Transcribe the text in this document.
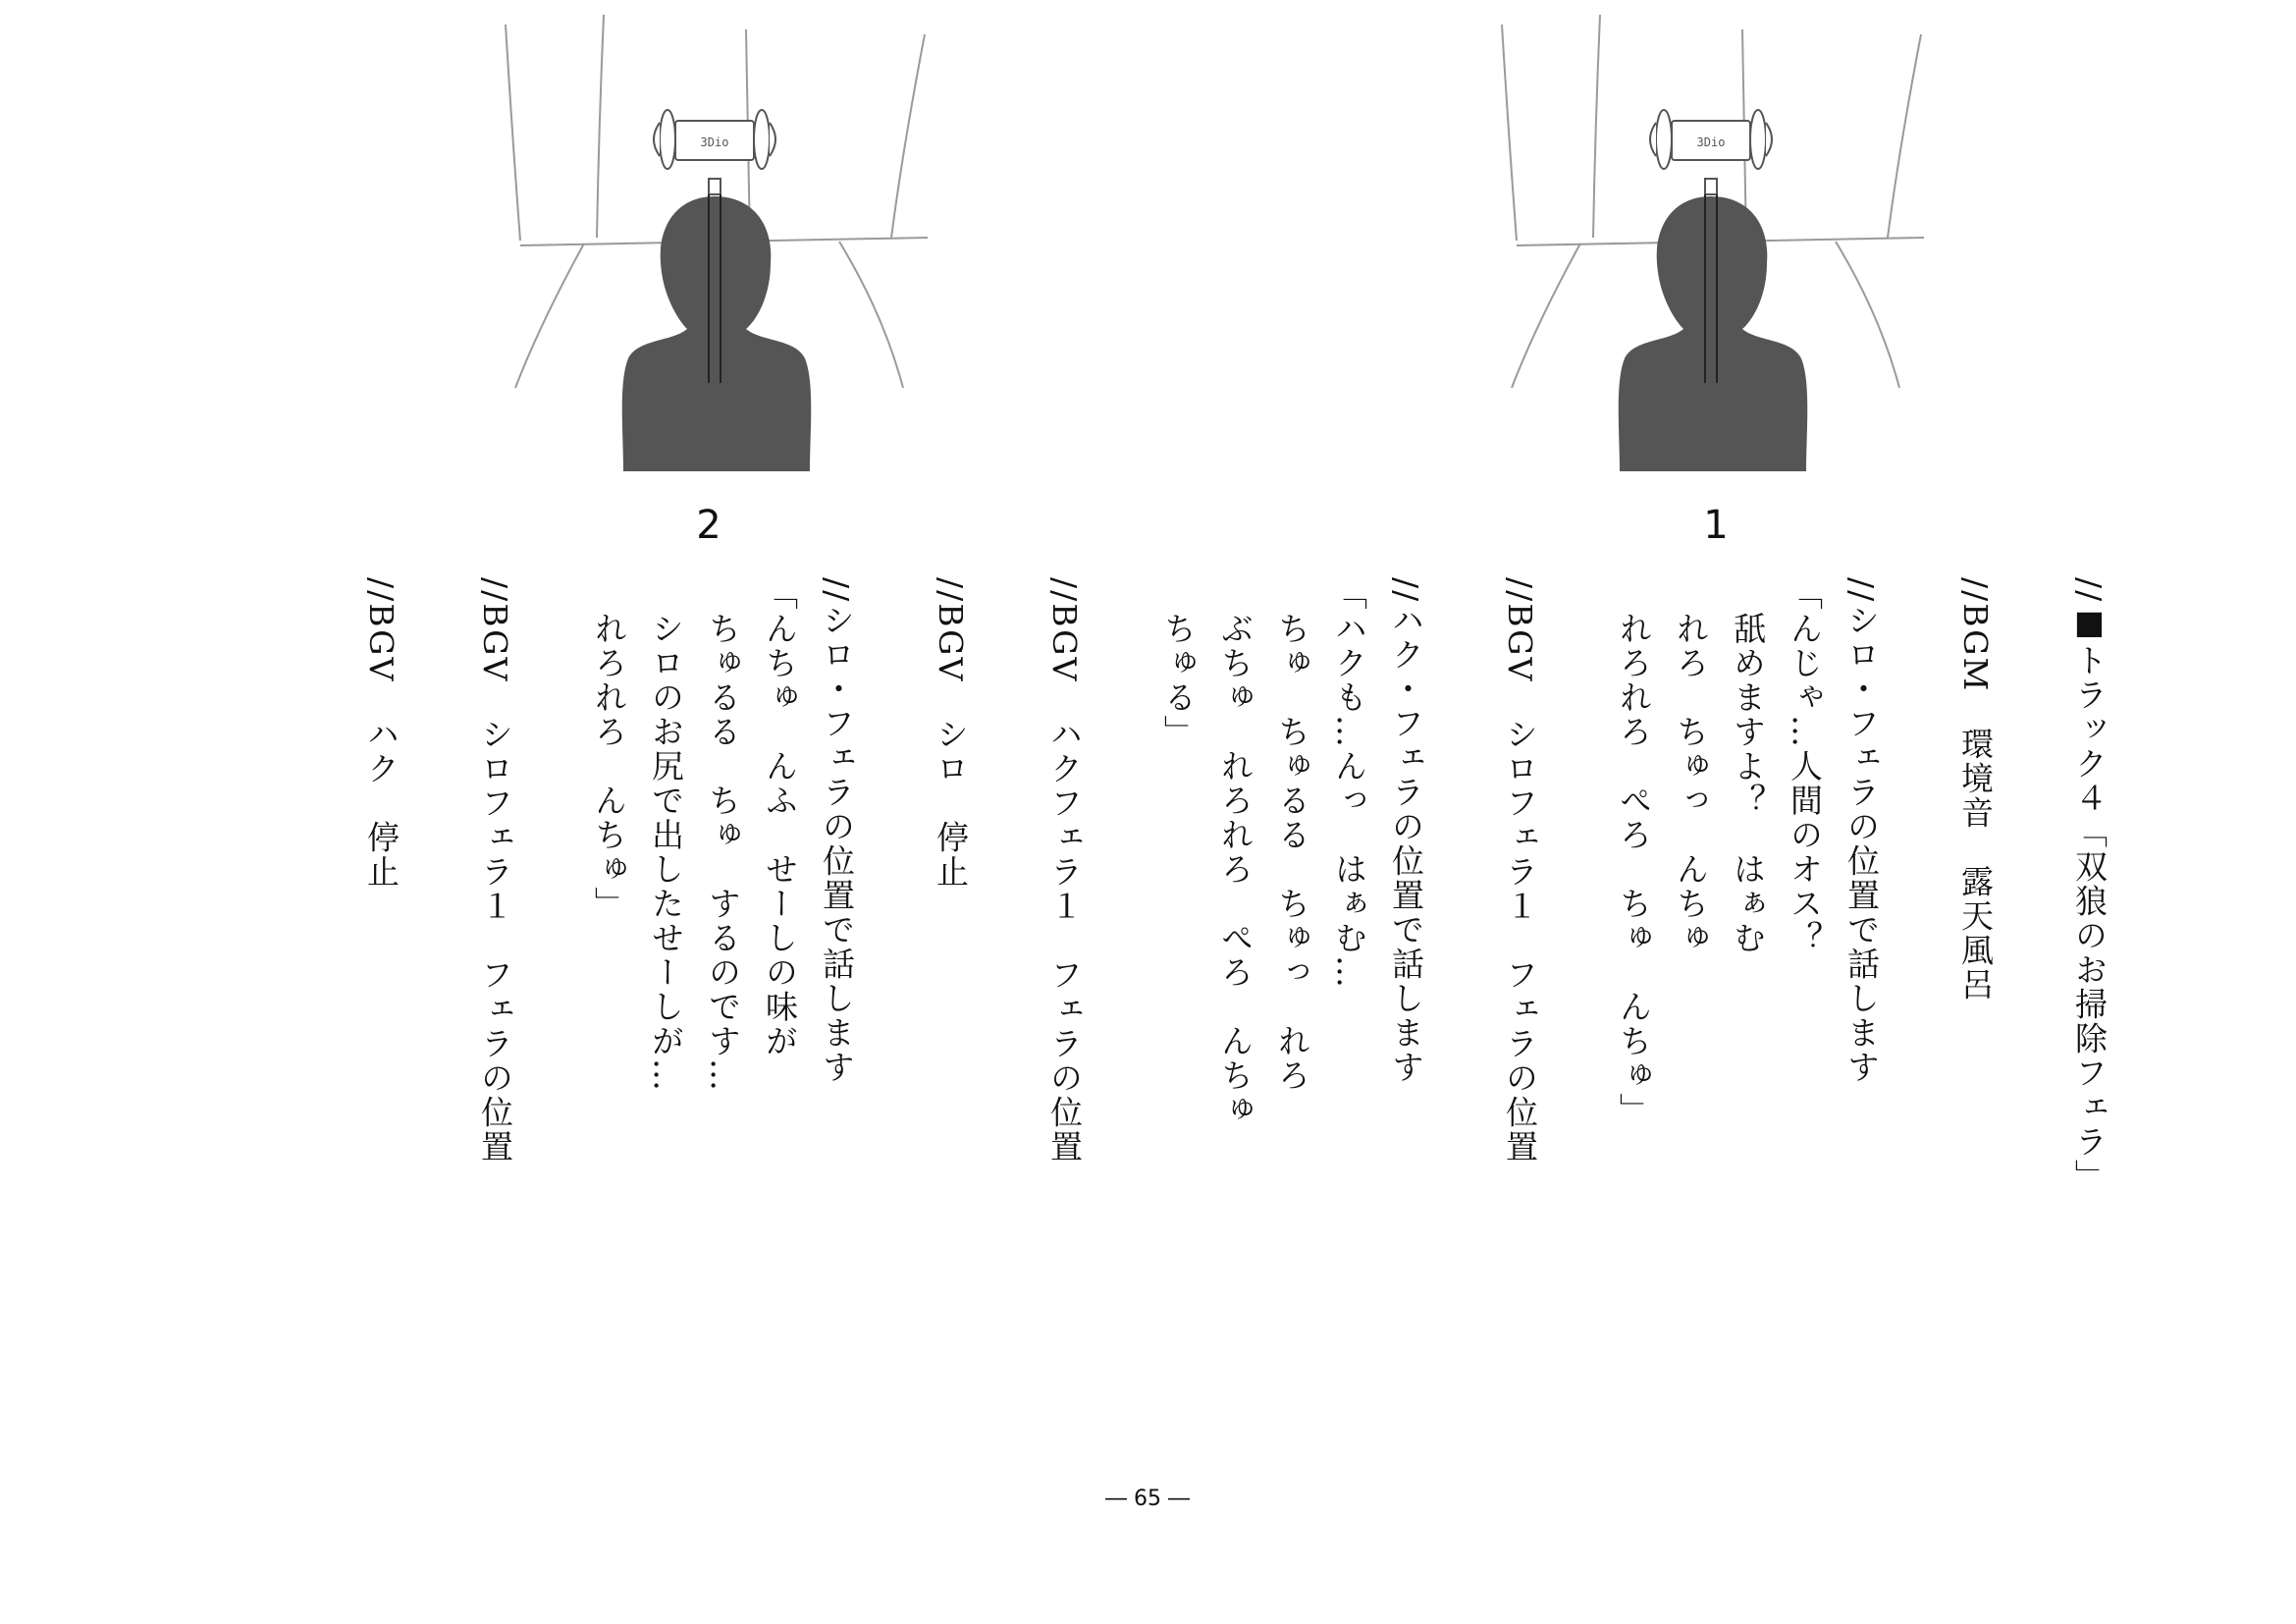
3Dio	3Dio
2	1
//■トラック４「双狼のお掃除フェラ」
//BGM　環境音　露天風呂
//シロ・フェラの位置で話します
「んじゃ…人間のオス？
　舐めますよ？　はぁむ
　れろ　ちゅっ　んちゅ
　れろれろ　ぺろ　ちゅ　んちゅ」
//BGV　シロフェラ１　フェラの位置
//ハク・フェラの位置で話します
「ハクも…んっ　はぁむ…
　ちゅ　ちゅるる　ちゅっ　れろ
　ぶちゅ　れろれろ　ぺろ　んちゅ
　ちゅる」
//BGV　ハクフェラ１　フェラの位置
//BGV　シロ　停止
//シロ・フェラの位置で話します
「んちゅ　んふ　せーしの味が
　ちゅるる　ちゅ　するのです…
　シロのお尻で出したせーしが…
　れろれろ　んちゅ」
//BGV　シロフェラ１　フェラの位置
//BGV　ハク　停止
― 65 ―
